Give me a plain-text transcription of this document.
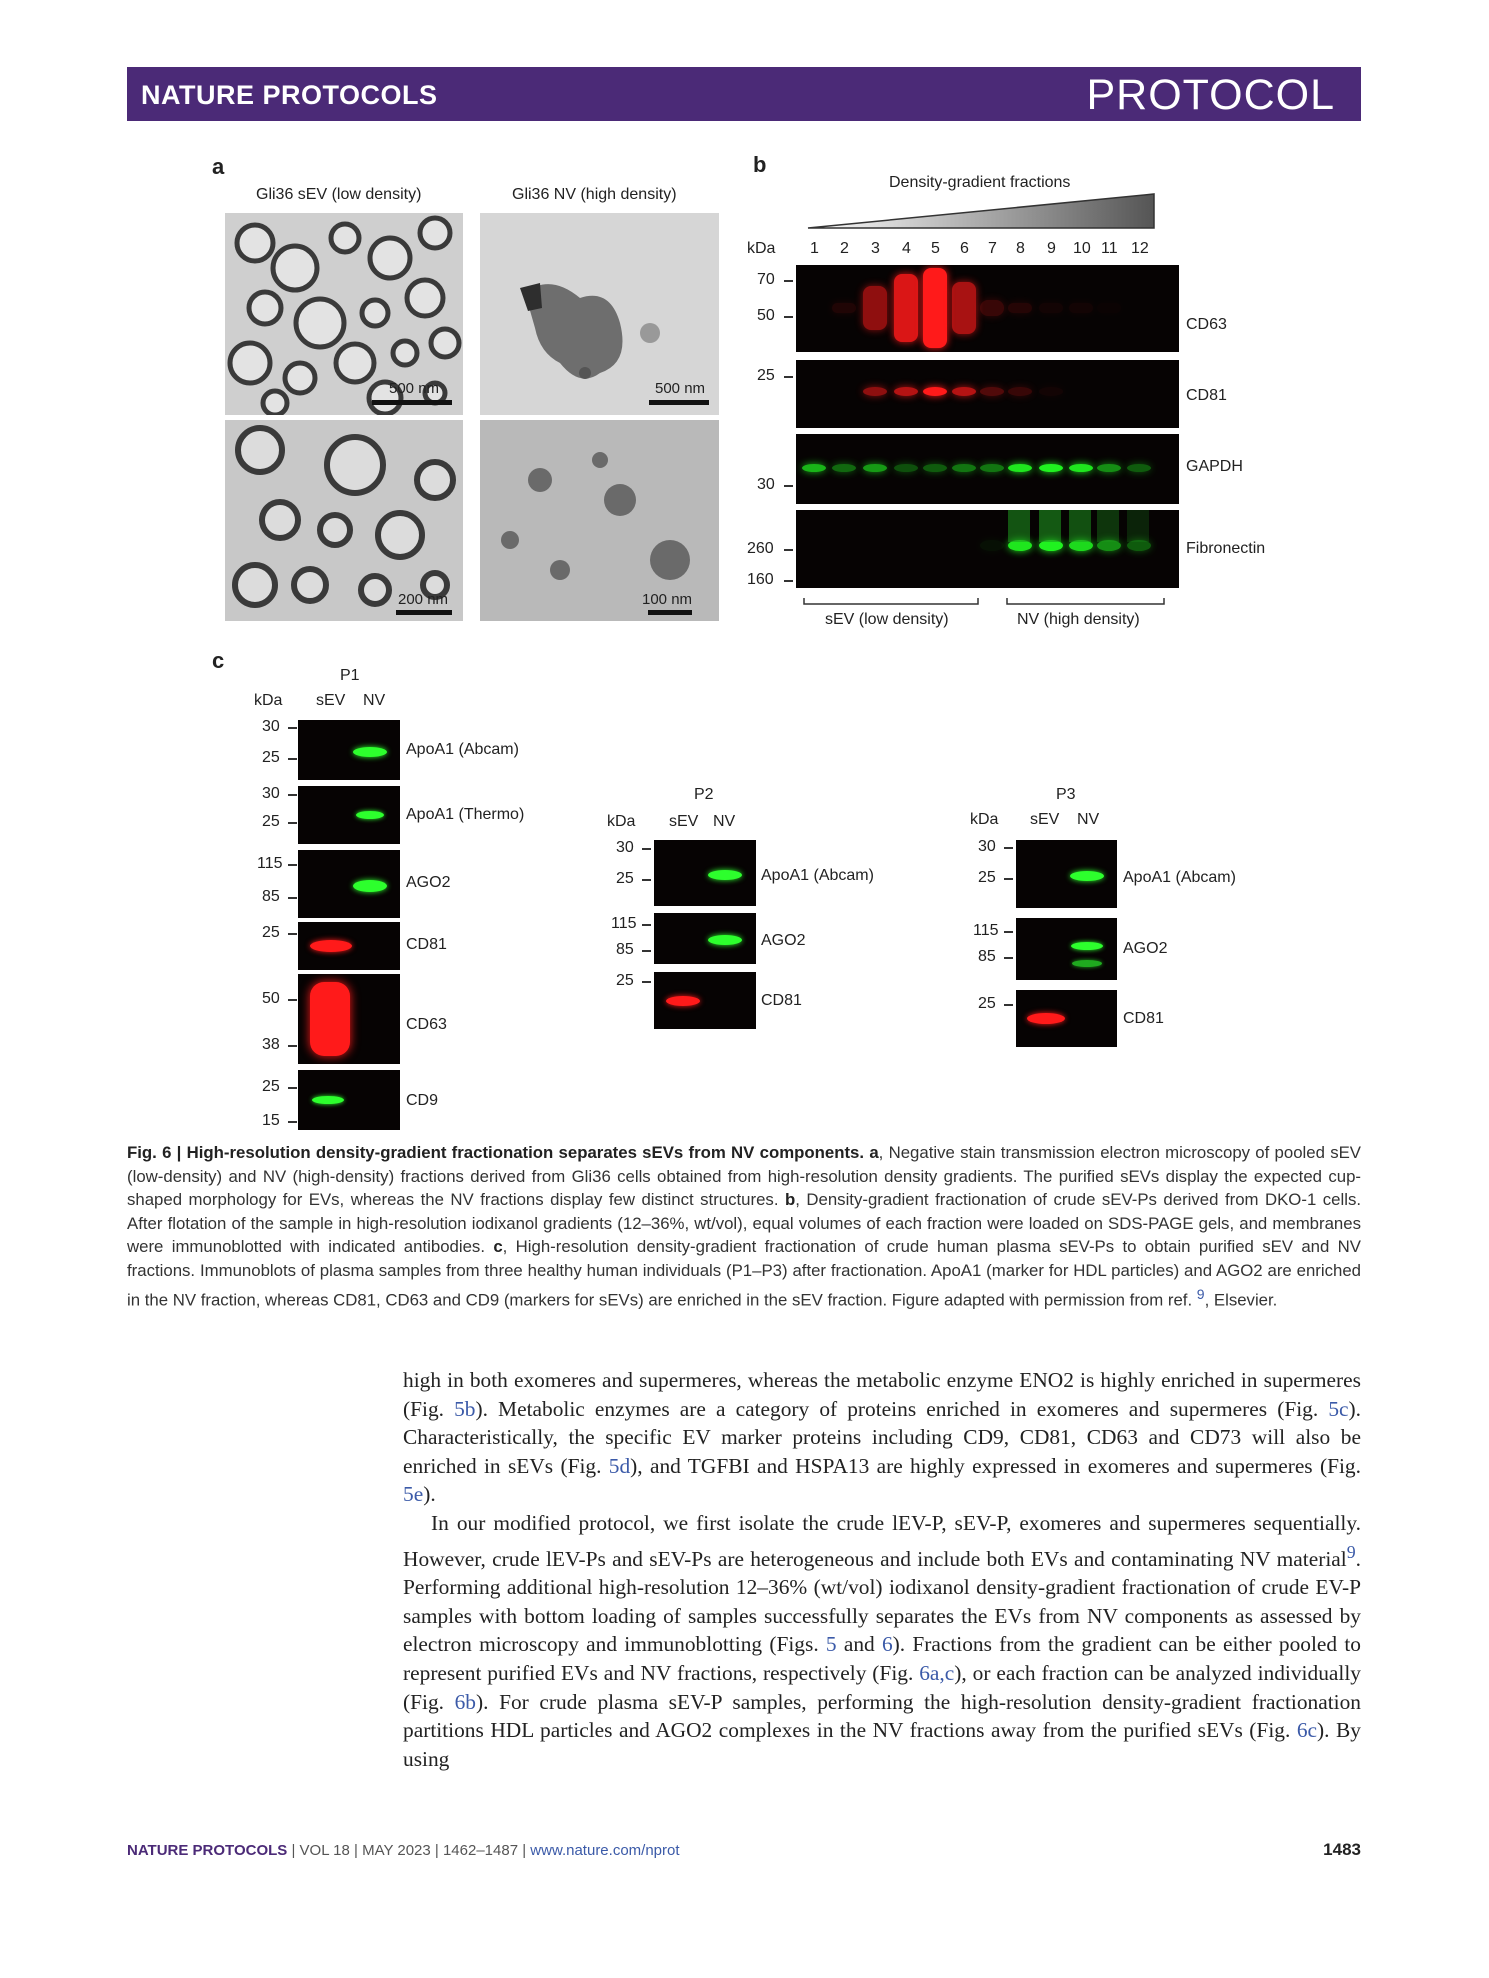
NATURE PROTOCOLS	PROTOCOL
a
Gli36 sEV (low density)	Gli36 NV (high density)
500 nm	500 nm
200 nm	100 nm
b
Density-gradient fractions
kDa 1 2 3 4 5 6 7 8 9 10 11 12
70
50
25
30
260
160
CD63
CD81
GAPDH
Fibronectin
sEV (low density)	NV (high density)
c
P1
kDa sEV NV
30
25
30
25
115
85
25
50
38
25
15
ApoA1 (Abcam)
ApoA1 (Thermo)
AGO2
CD81
CD63
CD9
P2
kDa sEV NV
30
25
115
85
25
ApoA1 (Abcam)
AGO2
CD81
P3
kDa sEV NV
30
25
115
85
25
ApoA1 (Abcam)
AGO2
CD81
Fig. 6 | High-resolution density-gradient fractionation separates sEVs from NV components. a, Negative stain transmission electron microscopy of pooled sEV (low-density) and NV (high-density) fractions derived from Gli36 cells obtained from high-resolution density gradients. The purified sEVs display the expected cup-shaped morphology for EVs, whereas the NV fractions display few distinct structures. b, Density-gradient fractionation of crude sEV-Ps derived from DKO-1 cells. After flotation of the sample in high-resolution iodixanol gradients (12–36%, wt/vol), equal volumes of each fraction were loaded on SDS-PAGE gels, and membranes were immunoblotted with indicated antibodies. c, High-resolution density-gradient fractionation of crude human plasma sEV-Ps to obtain purified sEV and NV fractions. Immunoblots of plasma samples from three healthy human individuals (P1–P3) after fractionation. ApoA1 (marker for HDL particles) and AGO2 are enriched in the NV fraction, whereas CD81, CD63 and CD9 (markers for sEVs) are enriched in the sEV fraction. Figure adapted with permission from ref. $^9$, Elsevier.

high in both exomeres and supermeres, whereas the metabolic enzyme ENO2 is highly enriched in supermeres (Fig. 5b). Metabolic enzymes are a category of proteins enriched in exomeres and supermeres (Fig. 5c). Characteristically, the specific EV marker proteins including CD9, CD81, CD63 and CD73 will also be enriched in sEVs (Fig. 5d), and TGFBI and HSPA13 are highly expressed in exomeres and supermeres (Fig. 5e).

In our modified protocol, we first isolate the crude lEV-P, sEV-P, exomeres and supermeres sequentially. However, crude lEV-Ps and sEV-Ps are heterogeneous and include both EVs and contaminating NV material$^9$. Performing additional high-resolution 12–36% (wt/vol) iodixanol density-gradient fractionation of crude EV-P samples with bottom loading of samples successfully separates the EVs from NV components as assessed by electron microscopy and immunoblotting (Figs. 5 and 6). Fractions from the gradient can be either pooled to represent purified EVs and NV fractions, respectively (Fig. 6a,c), or each fraction can be analyzed individually (Fig. 6b). For crude plasma sEV-P samples, performing the high-resolution density-gradient fractionation partitions HDL particles and AGO2 complexes in the NV fractions away from the purified sEVs (Fig. 6c). By using

NATURE PROTOCOLS | VOL 18 | MAY 2023 | 1462–1487 | www.nature.com/nprot	1483
